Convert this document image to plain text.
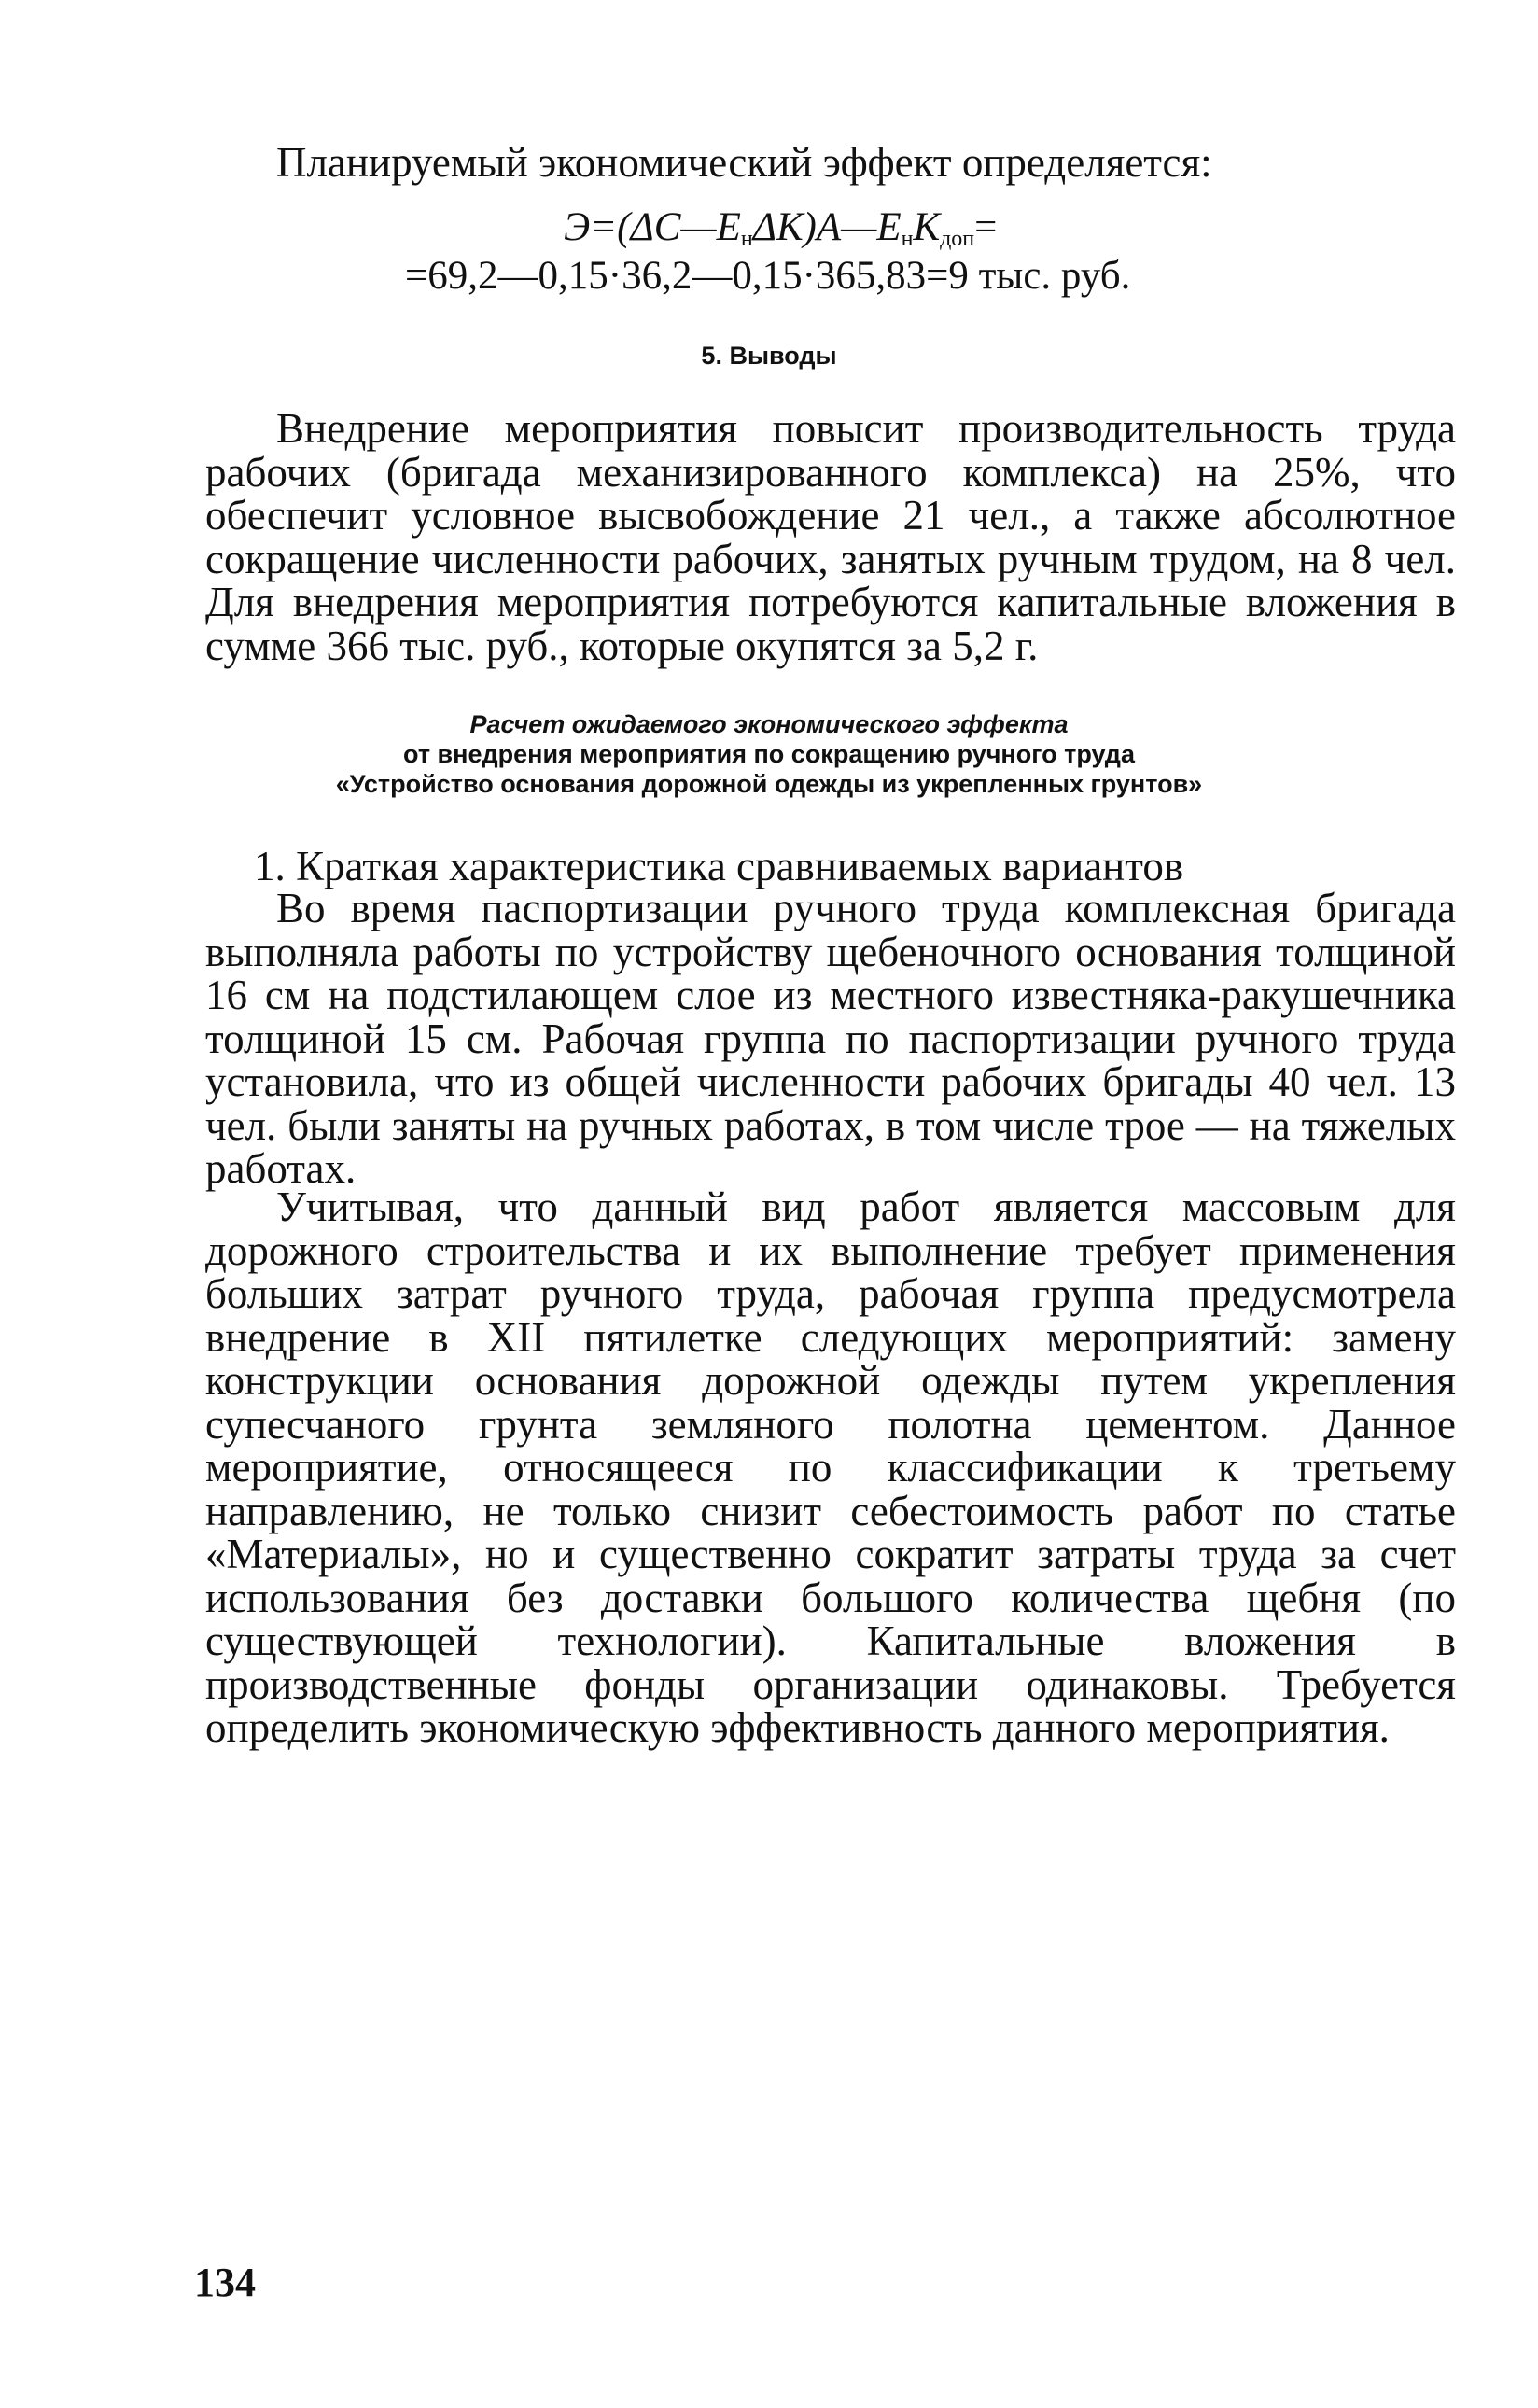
Планируемый экономический эффект определяется:
$Э=(\Delta С—Е_н\Delta К)А—Е_нК_{доп}=$
=69,2—0,15·36,2—0,15·365,83=9 тыс. руб.
5. Выводы
Внедрение мероприятия повысит производительность труда рабочих (бригада механизированного комплекса) на 25%, что обеспечит условное высвобождение 21 чел., а также абсолютное сокращение численности рабочих, занятых ручным трудом, на 8 чел. Для внедрения мероприятия потребуются капитальные вложения в сумме 366 тыс. руб., которые окупятся за 5,2 г.
Расчет ожидаемого экономического эффекта
от внедрения мероприятия по сокращению ручного труда
«Устройство основания дорожной одежды из укрепленных грунтов»
1. Краткая характеристика сравниваемых вариантов
Во время паспортизации ручного труда комплексная бригада выполняла работы по устройству щебеночного основания толщиной 16 см на подстилающем слое из местного известняка-ракушечника толщиной 15 см. Рабочая группа по паспортизации ручного труда установила, что из общей численности рабочих бригады 40 чел. 13 чел. были заняты на ручных работах, в том числе трое — на тяжелых работах.
Учитывая, что данный вид работ является массовым для дорожного строительства и их выполнение требует применения больших затрат ручного труда, рабочая группа предусмотрела внедрение в XII пятилетке следующих мероприятий: замену конструкции основания дорожной одежды путем укрепления супесчаного грунта земляного полотна цементом. Данное мероприятие, относящееся по классификации к третьему направлению, не только снизит себестоимость работ по статье «Материалы», но и существенно сократит затраты труда за счет использования без доставки большого количества щебня (по существующей технологии). Капитальные вложения в производственные фонды организации одинаковы. Требуется определить экономическую эффективность данного мероприятия.
134
